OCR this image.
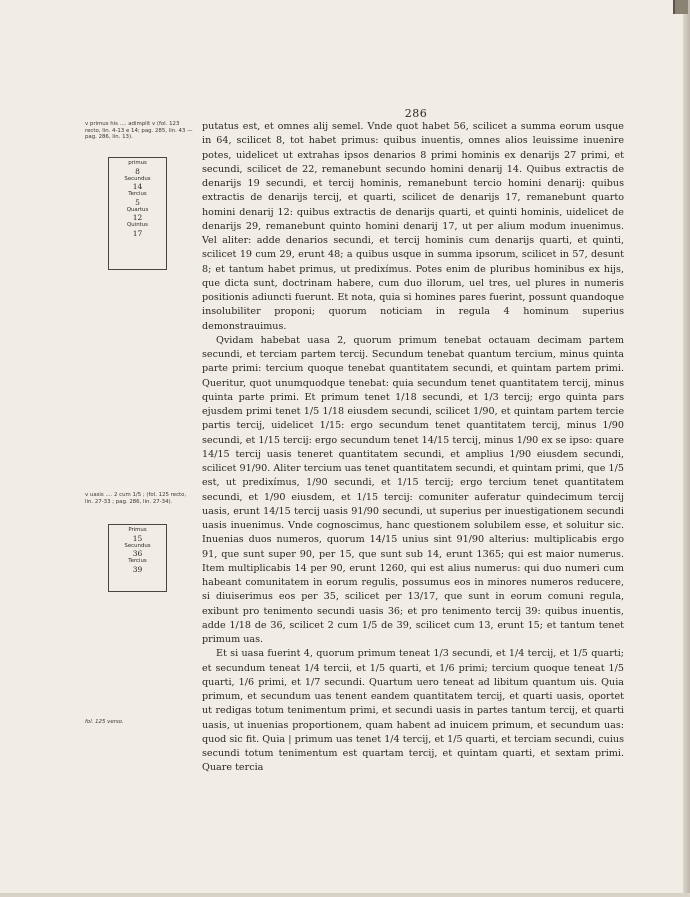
286
v primus his .... adimplit v (fol. 123 recto, lin. 4-13 e 14; pag. 285, lin. 43 — pag. 286, lin. 13).
primus
8
Secundus
14
Tercius
5
Quartus
12
Quintus
17
v uasis .... 2 cum 1/5 ; (fol. 125 recto, lin. 27-33 ; pag. 286, lin. 27-34).
Primus
15
Secundus
36
Tercius
39
fol. 125 verso.

putatus est, et omnes alij semel. Vnde quot habet 56, scilicet a summa eorum usque in 64, scilicet 8, tot habet primus: quibus inuentis, omnes alios leuissime inuenire potes, uidelicet ut extrahas ipsos denarios 8 primi hominis ex denarijs 27 primi, et secundi, scilicet de 22, remanebunt secundo homini denarij 14. Quibus extractis de denarijs 19 secundi, et tercij hominis, remanebunt tercio homini denarij: quibus extractis de denarijs tercij, et quarti, scilicet de denarijs 17, remanebunt quarto homini denarij 12: quibus extractis de denarijs quarti, et quinti hominis, uidelicet de denarijs 29, remanebunt quinto homini denarij 17, ut per alium modum inuenimus. Vel aliter: adde denarios secundi, et tercij hominis cum denarijs quarti, et quinti, scilicet 19 cum 29, erunt 48; a quibus usque in summa ipsorum, scilicet in 57, desunt 8; et tantum habet primus, ut predixímus. Potes enim de pluribus hominibus ex hijs, que dicta sunt, doctrinam habere, cum duo illorum, uel tres, uel plures in numeris positionis adiuncti fuerunt. Et nota, quia si homines pares fuerint, possunt quandoque insolubiliter proponi; quorum noticiam in regula 4 hominum superius demonstrauimus.

Qvidam habebat uasa 2, quorum primum tenebat octauam decimam partem secundi, et terciam partem tercij. Secundum tenebat quantum tercium, minus quinta parte primi: tercium quoque tenebat quantitatem secundi, et quintam partem primi. Queritur, quot unumquodque tenebat: quia secundum tenet quantitatem tercij, minus quinta parte primi. Et primum tenet 1/18 secundi, et 1/3 tercij; ergo quinta pars ejusdem primi tenet 1/5 1/18 eiusdem secundi, scilicet 1/90, et quintam partem tercie partis tercij, uidelicet 1/15: ergo secundum tenet quantitatem tercij, minus 1/90 secundi, et 1/15 tercij: ergo secundum tenet 14/15 tercij, minus 1/90 ex se ipso: quare 14/15 tercij uasis teneret quantitatem secundi, et amplius 1/90 eiusdem secundi, scilicet 91/90. Aliter tercium uas tenet quantitatem secundi, et quintam primi, que 1/5 est, ut predixímus, 1/90 secundi, et 1/15 tercij; ergo tercium tenet quantitatem secundi, et 1/90 eiusdem, et 1/15 tercij: comuniter auferatur quindecimum tercij uasis, erunt 14/15 tercij uasis 91/90 secundi, ut superius per inuestigationem secundi uasis inuenimus. Vnde cognoscimus, hanc questionem solubilem esse, et soluitur sic. Inuenias duos numeros, quorum 14/15 unius sint 91/90 alterius: multiplicabis ergo 91, que sunt super 90, per 15, que sunt sub 14, erunt 1365; qui est maior numerus. Item multiplicabis 14 per 90, erunt 1260, qui est alius numerus: qui duo numeri cum habeant comunitatem in eorum regulis, possumus eos in minores numeros reducere, si diuiserimus eos per 35, scilicet per 13/17, que sunt in eorum comuni regula, exibunt pro tenimento secundi uasis 36; et pro tenimento tercij 39: quibus inuentis, adde 1/18 de 36, scilicet 2 cum 1/5 de 39, scilicet cum 13, erunt 15; et tantum tenet primum uas.

Et si uasa fuerint 4, quorum primum teneat 1/3 secundi, et 1/4 tercij, et 1/5 quarti; et secundum teneat 1/4 tercii, et 1/5 quarti, et 1/6 primi; tercium quoque teneat 1/5 quarti, 1/6 primi, et 1/7 secundi. Quartum uero teneat ad libitum quantum uis. Quia primum, et secundum uas tenent eandem quantitatem tercij, et quarti uasis, oportet ut redigas totum tenimentum primi, et secundi uasis in partes tantum tercij, et quarti uasis, ut inuenias proportionem, quam habent ad inuicem primum, et secundum uas: quod sic fit. Quia | primum uas tenet 1/4 tercij, et 1/5 quarti, et terciam secundi, cuius secundi totum tenimentum est quartam tercij, et quintam quarti, et sextam primi. Quare tercia
